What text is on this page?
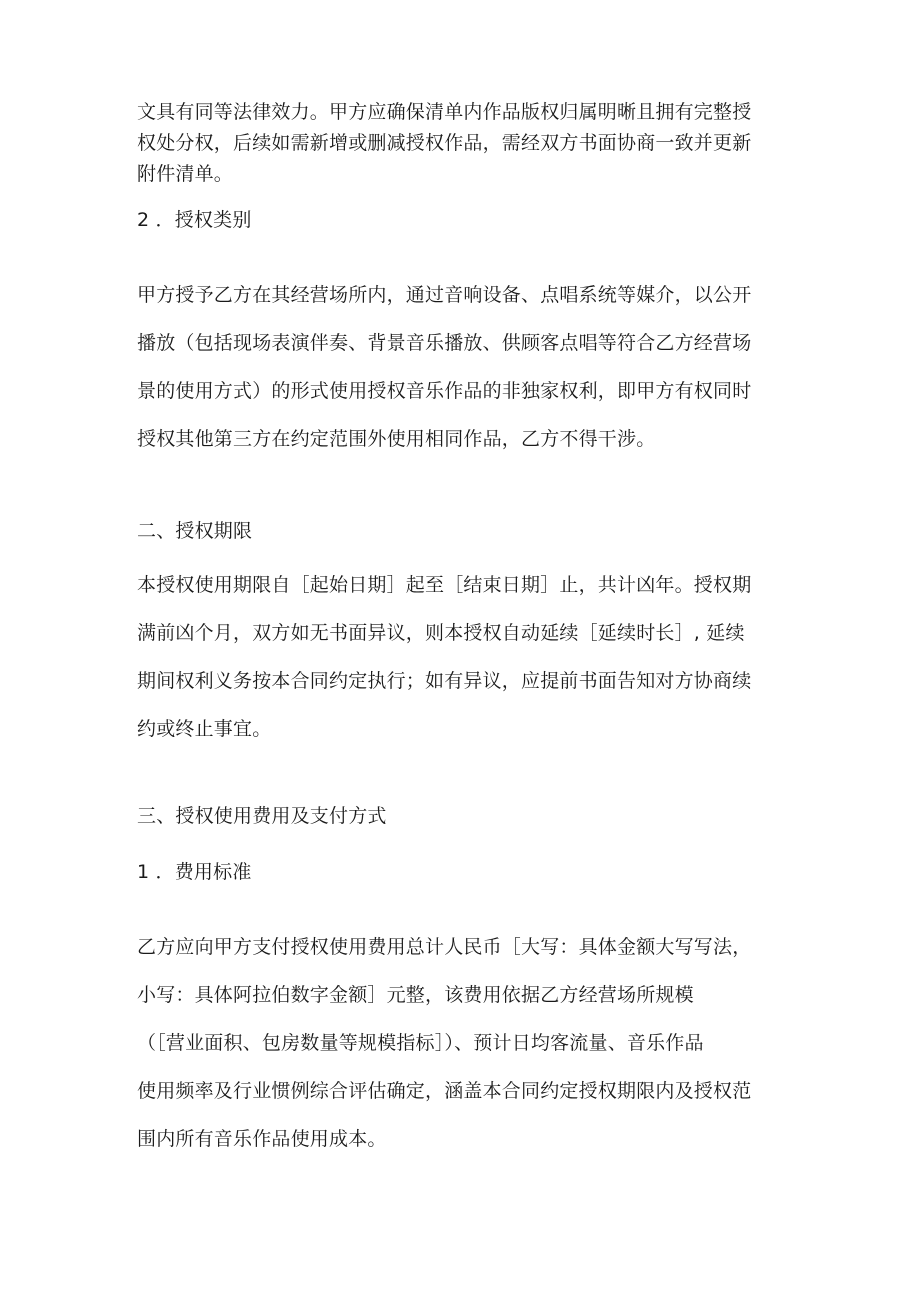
文具有同等法律效力。甲方应确保清单内作品版权归属明晰且拥有完整授
权处分权，后续如需新增或删减授权作品，需经双方书面协商一致并更新
附件清单。
2 ．授权类别
甲方授予乙方在其经营场所内，通过音响设备、点唱系统等媒介，以公开
播放（包括现场表演伴奏、背景音乐播放、供顾客点唱等符合乙方经营场
景的使用方式）的形式使用授权音乐作品的非独家权利，即甲方有权同时
授权其他第三方在约定范围外使用相同作品，乙方不得干涉。
二、授权期限
本授权使用期限自［起始日期］起至［结束日期］止，共计凶年。授权期
满前凶个月，双方如无书面异议，则本授权自动延续［延续时长］, 延续
期间权利义务按本合同约定执行；如有异议，应提前书面告知对方协商续
约或终止事宜。
三、授权使用费用及支付方式
1 ．费用标准
乙方应向甲方支付授权使用费用总计人民币［大写：具体金额大写写法，
小写：具体阿拉伯数字金额］元整，该费用依据乙方经营场所规模
（［营业面积、包房数量等规模指标］）、预计日均客流量、音乐作品
使用频率及行业惯例综合评估确定，涵盖本合同约定授权期限内及授权范
围内所有音乐作品使用成本。
